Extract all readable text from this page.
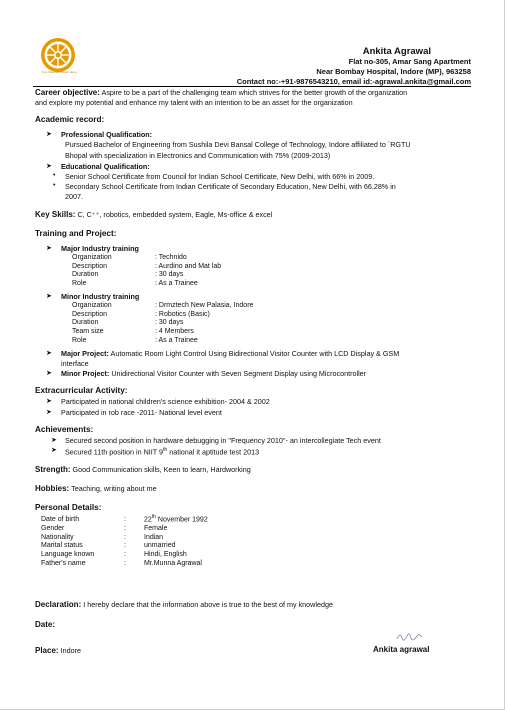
Your Sitemap Brand name
Ankita Agrawal
Flat no-305, Amar Sang Apartment
Near Bombay Hospital, Indore (MP), 963258
Contact no:-+91-9876543210, email id:-agrawal.ankita@gmail.com
Career objective: Aspire to be a part of the challenging team which strives for the better growth of the organization
and explore my potential and enhance my talent with an intention to be an asset for the organization
Academic record:
➤ Professional Qualification:
Pursued Bachelor of Engineering from Sushila Devi Bansal College of Technology, Indore affiliated to `RGTU
Bhopal with specialization in Electronics and Communication with 75% (2009-2013)
➤ Educational Qualification:
• Senior School Certificate from Council for Indian School Certificate, New Delhi, with 66% in 2009.
• Secondary School Certificate from Indian Certificate of Secondary Education, New Delhi, with 66.28% in
2007.
Key Skills: C, C⁺⁺, robotics, embedded system, Eagle, Ms-office & excel
Training and Project:
➤ Major Industry training
Organization	: Technido
Description	: Aurdino and Mat lab
Duration	: 30 days
Role	: As a Trainee
➤ Minor Industry training
Organization	: Drmztech New Palasia, Indore
Description	: Robotics (Basic)
Duration	: 30 days
Team size	: 4 Members
Role	: As a Trainee
➤ Major Project: Automatic Room Light Control Using Bidirectional Visitor Counter with LCD Display & GSM
interface
➤ Minor Project: Unidirectional Visitor Counter with Seven Segment Display using Microcontroller
Extracurricular Activity:
➤ Participated in national children's science exhibition- 2004 & 2002
➤ Participated in rob race -2011- National level event
Achievements:
➤ Secured second position in hardware debugging in "Frequency 2010"- an intercollegiate Tech event
➤ Secured 11th position in NIIT 9th national it aptitude test 2013
Strength: Good Communication skills, Keen to learn, Hardworking
Hobbies: Teaching, writing about me
Personal Details:
Date of birth	:	22th November 1992
Gender	:	Female
Nationality	:	Indian
Marital status	:	unmarried
Language known	:	Hindi, English
Father's name	:	Mr.Munna Agrawal
Declaration: I hereby declare that the information above is true to the best of my knowledge
Date:
Place: Indore	Ankita agrawal
